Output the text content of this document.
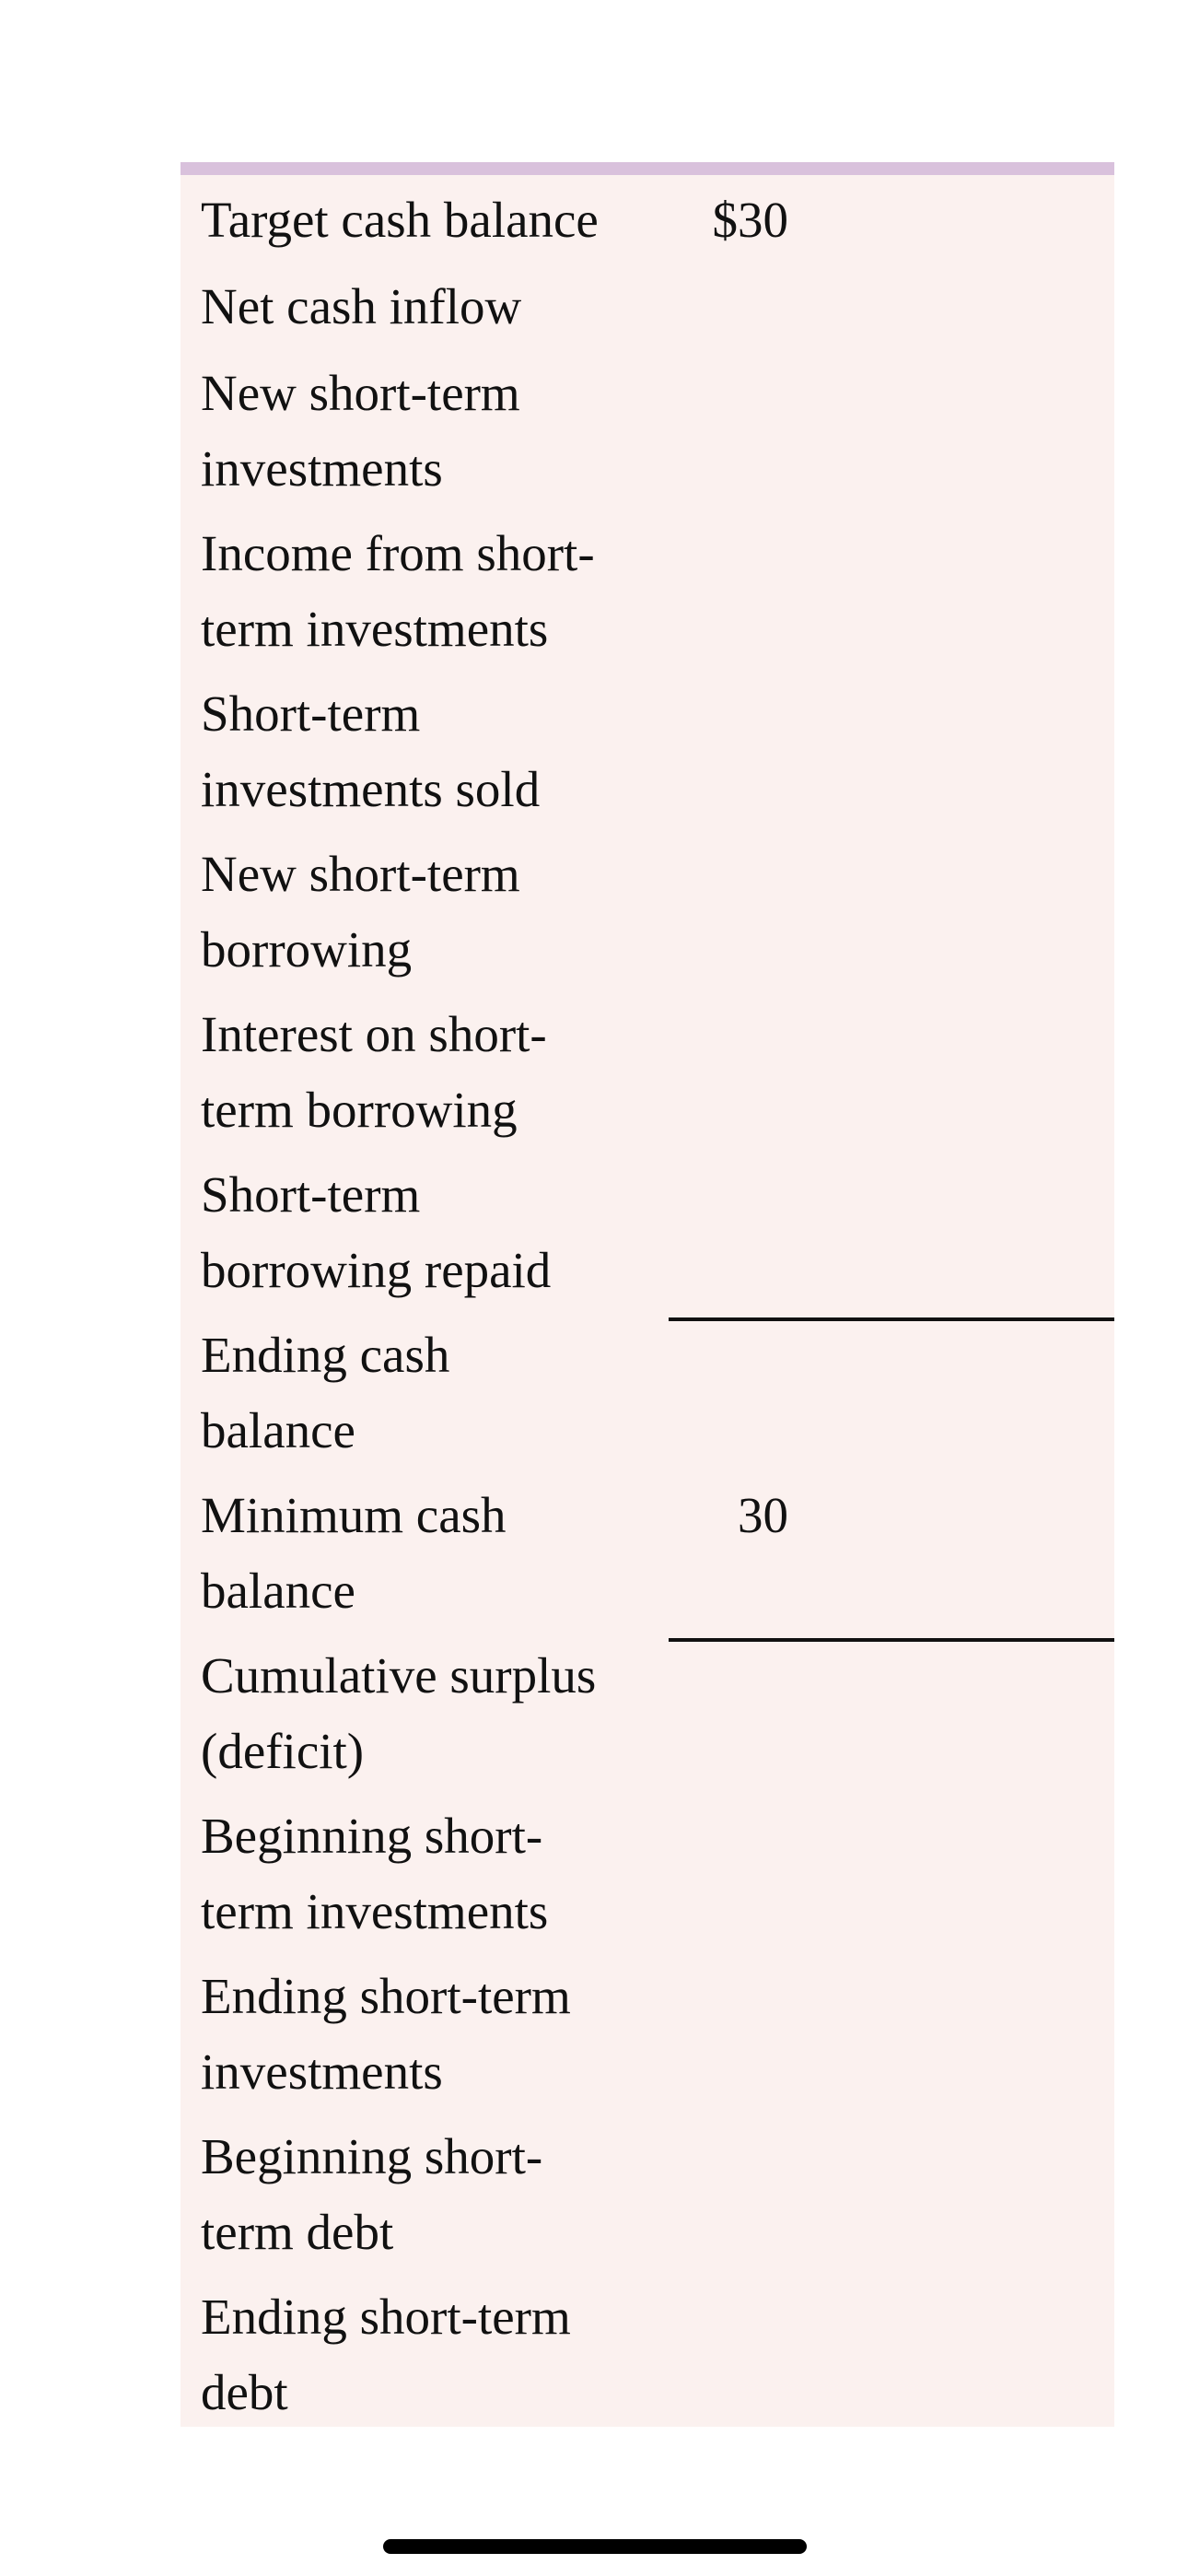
Target cash balance	$30
Net cash inflow
New short-term
investments
Income from short-
term investments
Short-term
investments sold
New short-term
borrowing
Interest on short-
term borrowing
Short-term
borrowing repaid
Ending cash
balance
Minimum cash
balance
30
Cumulative surplus
(deficit)
Beginning short-
term investments
Ending short-term
investments
Beginning short-
term debt
Ending short-term
debt
